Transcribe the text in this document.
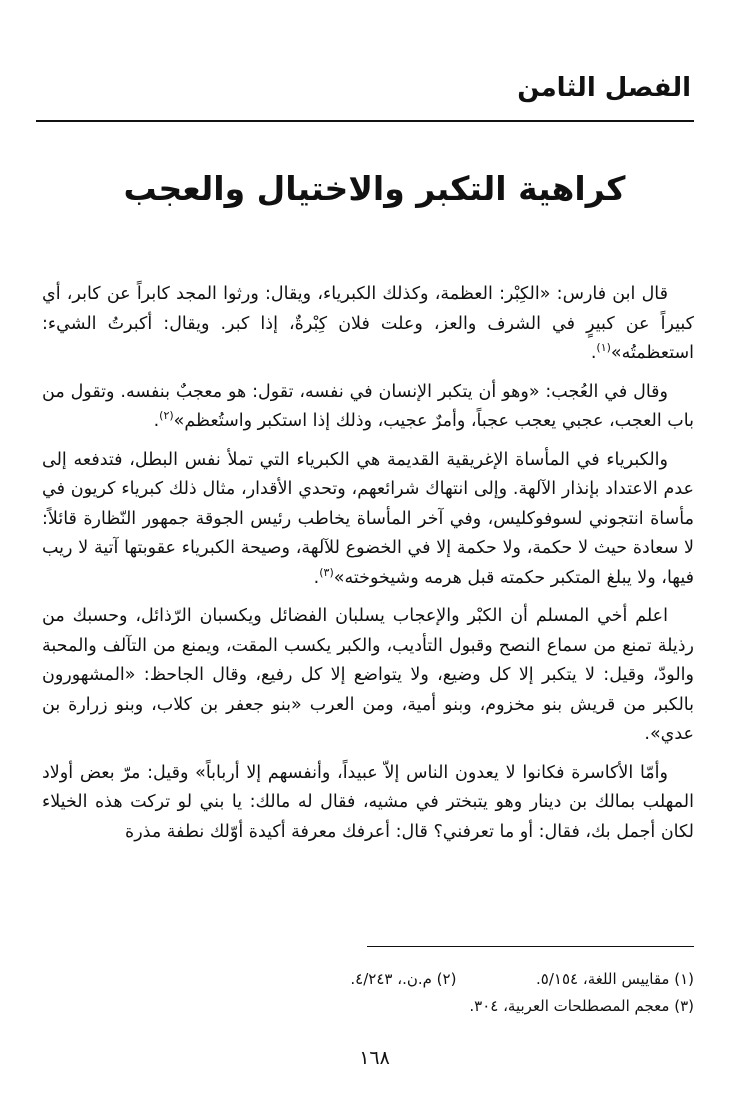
الفصل الثامن
كراهية التكبر والاختيال والعجب

قال ابن فارس: «الكِبْر: العظمة، وكذلك الكبرياء، ويقال: ورثوا المجد كابراً عن كابر، أي كبيراً عن كبيرٍ في الشرف والعز، وعلت فلان كِبْرةٌ، إذا كبر. ويقال: أكبرتُ الشيء: استعظمتُه»$^{(١)}$.

وقال في العُجب: «وهو أن يتكبر الإنسان في نفسه، تقول: هو معجبٌ بنفسه. وتقول من باب العجب، عجبي يعجب عجباً، وأمرٌ عجيب، وذلك إذا استكبر واستُعظم»$^{(٢)}$.

والكبرياء في المأساة الإغريقية القديمة هي الكبرياء التي تملأ نفس البطل، فتدفعه إلى عدم الاعتداد بإنذار الآلهة. وإلى انتهاك شرائعهم، وتحدي الأقدار، مثال ذلك كبرياء كريون في مأساة انتجوني لسوفوكليس، وفي آخر المأساة يخاطب رئيس الجوقة جمهور النّظارة قائلاً: لا سعادة حيث لا حكمة، ولا حكمة إلا في الخضوع للآلهة، وصيحة الكبرياء عقوبتها آتية لا ريب فيها، ولا يبلغ المتكبر حكمته قبل هرمه وشيخوخته»$^{(٣)}$.

اعلم أخي المسلم أن الكبْر والإعجاب يسلبان الفضائل ويكسبان الرّذائل، وحسبك من رذيلة تمنع من سماع النصح وقبول التأديب، والكبر يكسب المقت، ويمنع من التآلف والمحبة والودّ، وقيل: لا يتكبر إلا كل وضيع، ولا يتواضع إلا كل رفيع، وقال الجاحظ: «المشهورون بالكبر من قريش بنو مخزوم، وبنو أمية، ومن العرب «بنو جعفر بن كلاب، وبنو زرارة بن عدي».

وأمّا الأكاسرة فكانوا لا يعدون الناس إلاّ عبيداً، وأنفسهم إلا أرباباً» وقيل: مرّ بعض أولاد المهلب بمالك بن دينار وهو يتبختر في مشيه، فقال له مالك: يا بني لو تركت هذه الخيلاء لكان أجمل بك، فقال: أو ما تعرفني؟ قال: أعرفك معرفة أكيدة أوّلك نطفة مذرة

(١) مقاييس اللغة، ٥/١٥٤.  (٢) م.ن.، ٤/٢٤٣.
(٣) معجم المصطلحات العربية، ٣٠٤.
١٦٨
